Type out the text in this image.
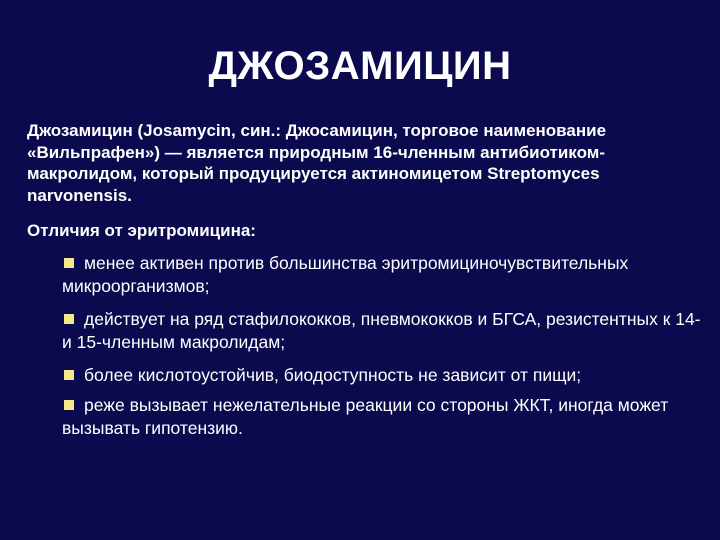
ДЖОЗАМИЦИН
Джозамицин (Josamycin, син.: Джосамицин, торговое наименование «Вильпрафен») — является природным 16-членным антибиотиком-макролидом, который продуцируется актиномицетом Streptomyces narvonensis.
Отличия от эритромицина:
менее активен против большинства эритромициночувствительных микроорганизмов;
действует на ряд стафилококков, пневмококков и БГСА, резистентных к 14- и 15-членным макролидам;
более кислотоустойчив, биодоступность не зависит от пищи;
реже вызывает нежелательные реакции со стороны ЖКТ, иногда может вызывать гипотензию.
